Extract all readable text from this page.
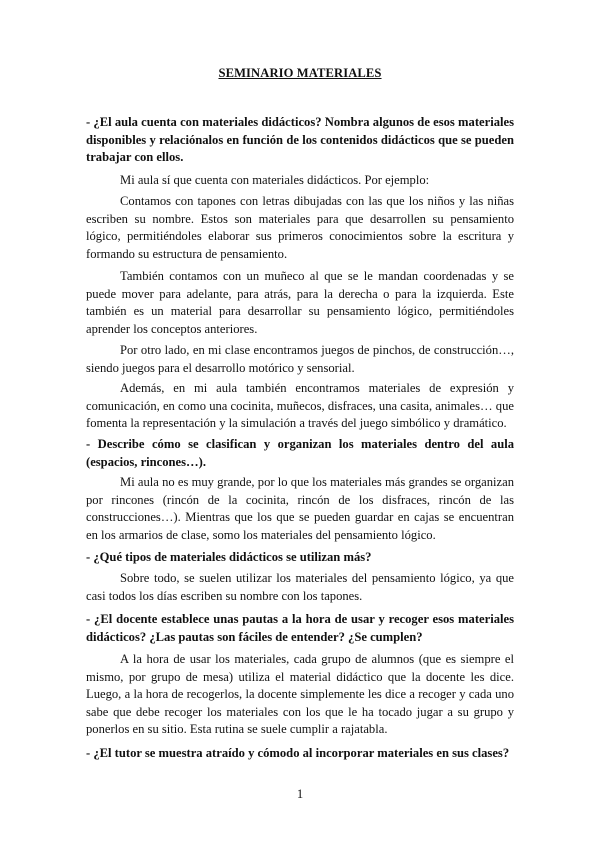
SEMINARIO MATERIALES
- ¿El aula cuenta con materiales didácticos? Nombra algunos de esos materiales disponibles y relaciónalos en función de los contenidos didácticos que se pueden trabajar con ellos.
Mi aula sí que cuenta con materiales didácticos. Por ejemplo:
Contamos con tapones con letras dibujadas con las que los niños y las niñas escriben su nombre. Estos son materiales para que desarrollen su pensamiento lógico, permitiéndoles elaborar sus primeros conocimientos sobre la escritura y formando su estructura de pensamiento.
También contamos con un muñeco al que se le mandan coordenadas y se puede mover para adelante, para atrás, para la derecha o para la izquierda. Este también es un material para desarrollar su pensamiento lógico, permitiéndoles aprender los conceptos anteriores.
Por otro lado, en mi clase encontramos juegos de pinchos, de construcción…, siendo juegos para el desarrollo motórico y sensorial.
Además, en mi aula también encontramos materiales de expresión y comunicación, en como una cocinita, muñecos, disfraces, una casita, animales… que fomenta la representación y la simulación a través del juego simbólico y dramático.
- Describe cómo se clasifican y organizan los materiales dentro del aula (espacios, rincones…).
Mi aula no es muy grande, por lo que los materiales más grandes se organizan por rincones (rincón de la cocinita, rincón de los disfraces, rincón de las construcciones…). Mientras que los que se pueden guardar en cajas se encuentran en los armarios de clase, somo los materiales del pensamiento lógico.
- ¿Qué tipos de materiales didácticos se utilizan más?
Sobre todo, se suelen utilizar los materiales del pensamiento lógico, ya que casi todos los días escriben su nombre con los tapones.
- ¿El docente establece unas pautas a la hora de usar y recoger esos materiales didácticos? ¿Las pautas son fáciles de entender? ¿Se cumplen?
A la hora de usar los materiales, cada grupo de alumnos (que es siempre el mismo, por grupo de mesa) utiliza el material didáctico que la docente les dice. Luego, a la hora de recogerlos, la docente simplemente les dice a recoger y cada uno sabe que debe recoger los materiales con los que le ha tocado jugar a su grupo y ponerlos en su sitio. Esta rutina se suele cumplir a rajatabla.
- ¿El tutor se muestra atraído y cómodo al incorporar materiales en sus clases?
1
